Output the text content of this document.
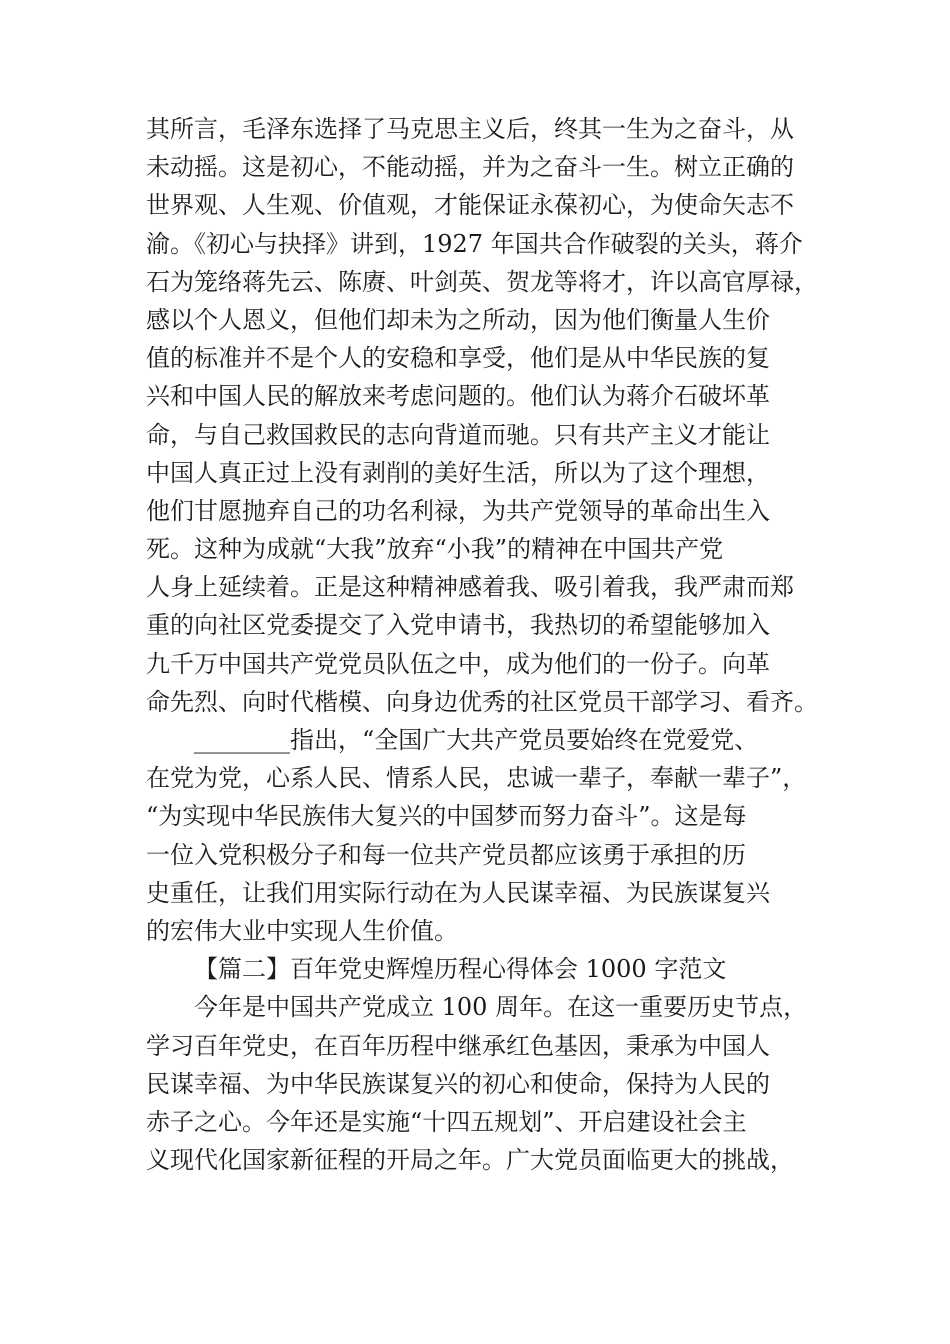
其所言，毛泽东选择了马克思主义后，终其一生为之奋斗，从
未动摇。这是初心，不能动摇，并为之奋斗一生。树立正确的
世界观、人生观、价值观，才能保证永葆初心，为使命矢志不
渝。《初心与抉择》讲到，1927 年国共合作破裂的关头，蒋介
石为笼络蒋先云、陈赓、叶剑英、贺龙等将才，许以高官厚禄，
感以个人恩义，但他们却未为之所动，因为他们衡量人生价
值的标准并不是个人的安稳和享受，他们是从中华民族的复
兴和中国人民的解放来考虑问题的。他们认为蒋介石破坏革
命，与自己救国救民的志向背道而驰。只有共产主义才能让
中国人真正过上没有剥削的美好生活，所以为了这个理想，
他们甘愿抛弃自己的功名利禄，为共产党领导的革命出生入
死。这种为成就“大我”放弃“小我”的精神在中国共产党
人身上延续着。正是这种精神感着我、吸引着我，我严肃而郑
重的向社区党委提交了入党申请书，我热切的希望能够加入
九千万中国共产党党员队伍之中，成为他们的一份子。向革
命先烈、向时代楷模、向身边优秀的社区党员干部学习、看齐。
________指出，“全国广大共产党员要始终在党爱党、
在党为党，心系人民、情系人民，忠诚一辈子，奉献一辈子”，
“为实现中华民族伟大复兴的中国梦而努力奋斗”。这是每
一位入党积极分子和每一位共产党员都应该勇于承担的历
史重任，让我们用实际行动在为人民谋幸福、为民族谋复兴
的宏伟大业中实现人生价值。
【篇二】百年党史辉煌历程心得体会 1000 字范文
今年是中国共产党成立 100 周年。在这一重要历史节点，
学习百年党史，在百年历程中继承红色基因，秉承为中国人
民谋幸福、为中华民族谋复兴的初心和使命，保持为人民的
赤子之心。今年还是实施“十四五规划”、开启建设社会主
义现代化国家新征程的开局之年。广大党员面临更大的挑战，
